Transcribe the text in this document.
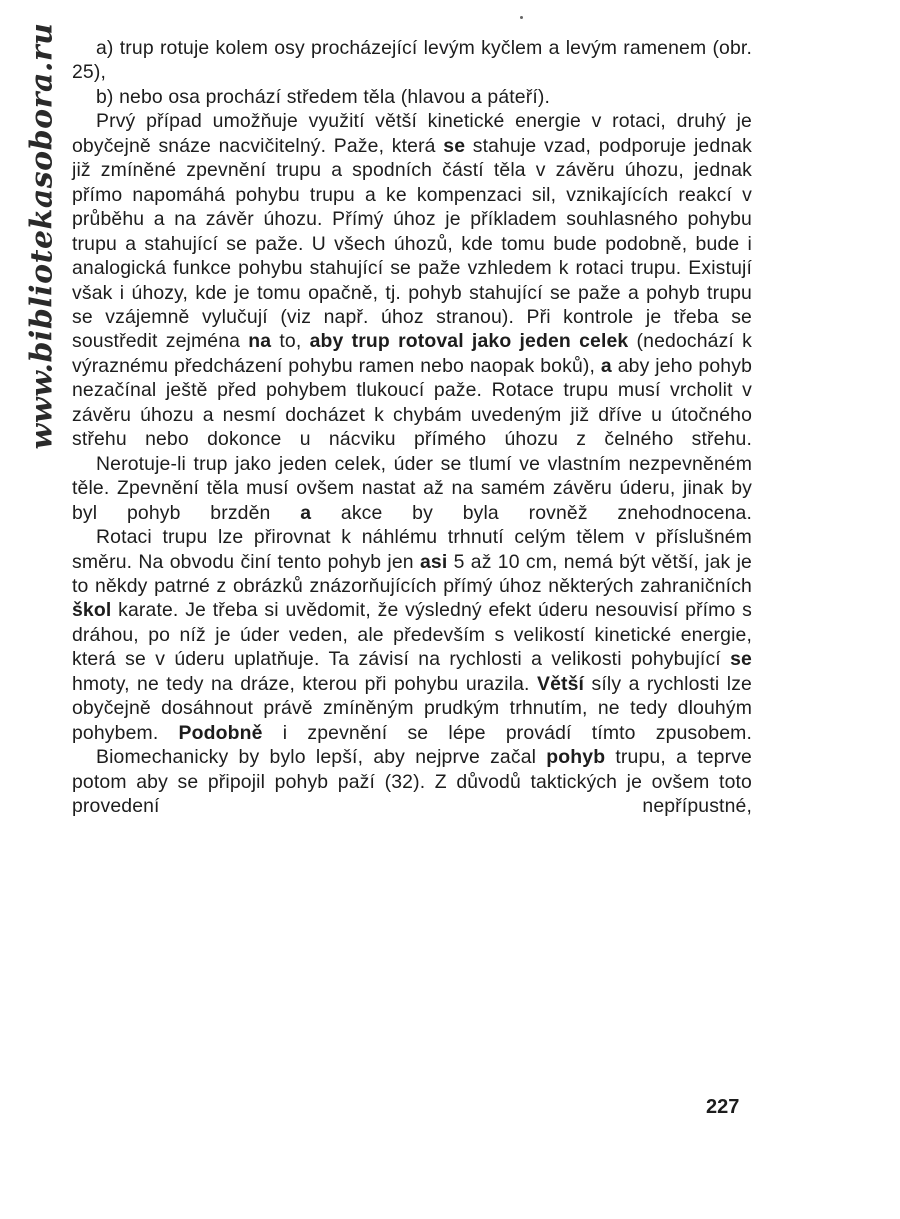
www.bibliotekasobora.ru	a) trup rotuje kolem osy procházející levým kyčlem a levým ramenem (obr. 25),

b) nebo osa prochází středem těla (hlavou a páteří).

Prvý případ umožňuje využití větší kinetické energie v rotaci, druhý je obyčejně snáze nacvičitelný. Paže, která se stahuje vzad, podporuje jednak již zmíněné zpevnění trupu a spodních částí těla v závěru úhozu, jednak přímo napomáhá pohybu trupu a ke kompenzaci sil, vznikajících reakcí v průběhu a na závěr úhozu. Přímý úhoz je příkladem souhlasného pohybu trupu a stahující se paže. U všech úhozů, kde tomu bude podobně, bude i analogická funkce pohybu stahující se paže vzhledem k rotaci trupu. Existují však i úhozy, kde je tomu opačně, tj. pohyb stahující se paže a pohyb trupu se vzájemně vylučují (viz např. úhoz stranou). Při kontrole je třeba se soustředit zejména na to, aby trup rotoval jako jeden celek (nedochází k výraznému předcházení pohybu ramen nebo naopak boků), a aby jeho pohyb nezačínal ještě před pohybem tlukoucí paže. Rotace trupu musí vrcholit v závěru úhozu a nesmí docházet k chybám uvedeným již dříve u útočného střehu nebo dokonce u nácviku přímého úhozu z čelného střehu.

Nerotuje-li trup jako jeden celek, úder se tlumí ve vlastním nezpevněném těle. Zpevnění těla musí ovšem nastat až na samém závěru úderu, jinak by byl pohyb brzděn a akce by byla rovněž znehodnocena.

Rotaci trupu lze přirovnat k náhlému trhnutí celým tělem v příslušném směru. Na obvodu činí tento pohyb jen asi 5 až 10 cm, nemá být větší, jak je to někdy patrné z obrázků znázorňujících přímý úhoz některých zahraničních škol karate. Je třeba si uvědomit, že výsledný efekt úderu nesouvisí přímo s dráhou, po níž je úder veden, ale především s velikostí kinetické energie, která se v úderu uplatňuje. Ta závisí na rychlosti a velikosti pohybující se hmoty, ne tedy na dráze, kterou při pohybu urazila. Větší síly a rychlosti lze obyčejně dosáhnout právě zmíněným prudkým trhnutím, ne tedy dlouhým pohybem. Podobně i zpevnění se lépe provádí tímto zpusobem.

Biomechanicky by bylo lepší, aby nejprve začal pohyb trupu, a teprve potom aby se připojil pohyb paží (32). Z důvodů taktických je ovšem toto provedení nepřípustné,

227
